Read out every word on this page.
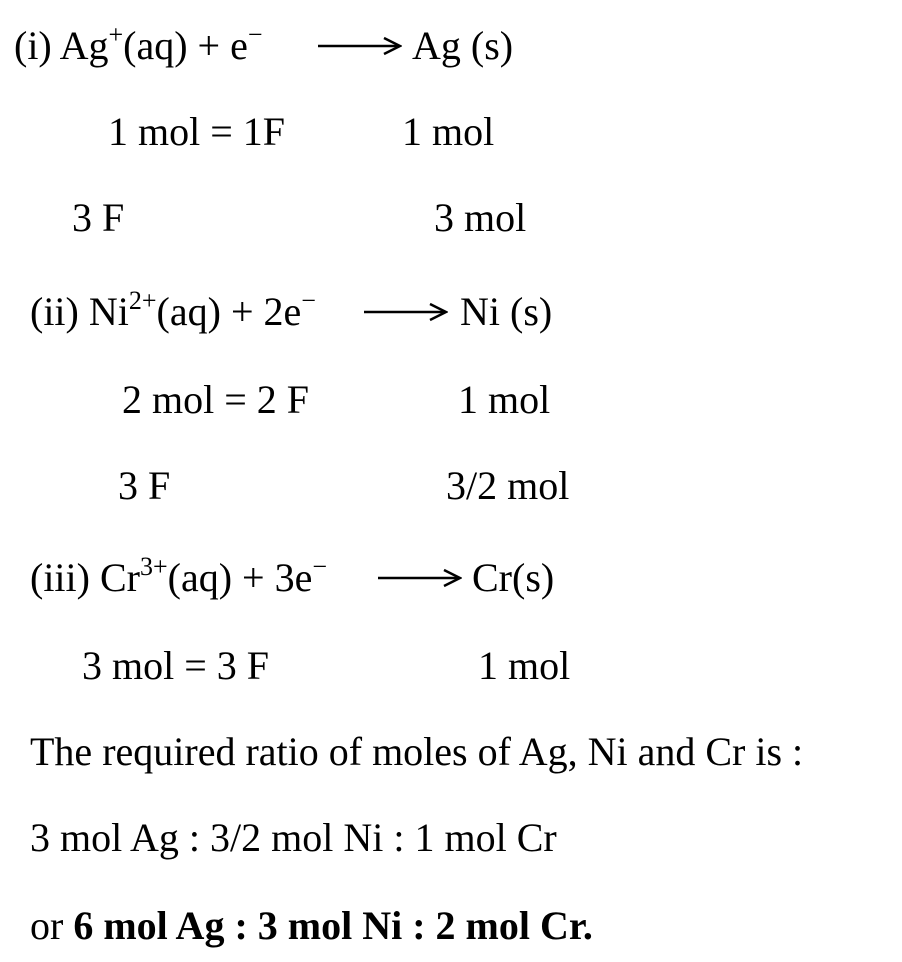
(i) Ag+(aq) + e−	Ag (s)
1 mol = 1F	1 mol
3 F	3 mol
(ii) $Ni^{2+}(aq) + 2e^-$	Ni (s)
2 mol = 2 F	1 mol
3 F	3/2 mol
(iii) $Cr^{3+}(aq) + 3e^-$	Cr(s)
3 mol = 3 F	1 mol
The required ratio of moles of Ag, Ni and Cr is :
3 mol Ag : 3/2 mol Ni : 1 mol Cr
or 6 mol Ag : 3 mol Ni : 2 mol Cr.
